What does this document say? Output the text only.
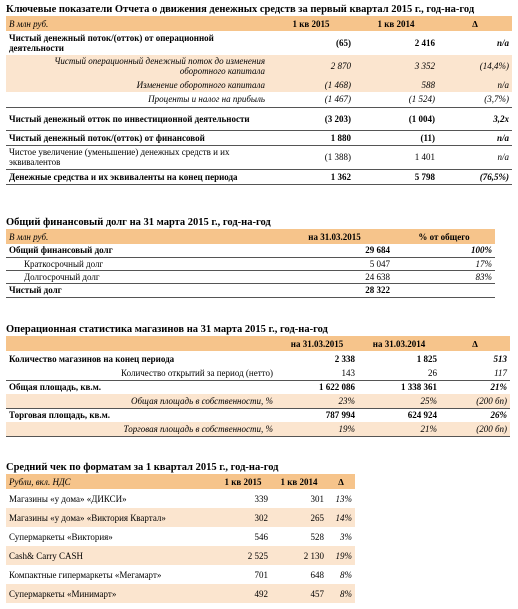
Ключевые показатели Отчета о движения денежных средств за первый квартал 2015 г., год-на-год
В млн руб.	1 кв 2015	1 кв 2014	∆
Чистый денежный поток/(отток) от операционной деятельности	(65)	2 416	n/a
Чистый операционный денежный поток до изменения оборотного капитала	2 870	3 352	(14,4%)
Изменение оборотного капитала	(1 468)	588	n/a
Проценты и налог на прибыль	(1 467)	(1 524)	(3,7%)
Чистый денежный отток по инвестиционной деятельности	(3 203)	(1 004)	3,2x
Чистый денежный поток/(отток) от финансовой	1 880	(11)	n/a
Чистое увеличение (уменьшение) денежных средств и их эквивалентов	(1 388)	1 401	n/a
Денежные средства и их эквиваленты на конец периода	1 362	5 798	(76,5%)
Общий финансовый долг на 31 марта 2015 г., год-на-год
В млн руб.	на 31.03.2015	% от общего
Общий финансовый долг	29 684	100%
Краткосрочный долг	5 047	17%
Долгосрочный долг	24 638	83%
Чистый долг	28 322	
Операционная статистика магазинов на 31 марта 2015 г., год-на-год
	на 31.03.2015	на 31.03.2014	∆
Количество магазинов на конец периода	2 338	1 825	513
Количество открытий за период (нетто)	143	26	117
Общая площадь, кв.м.	1 622 086	1 338 361	21%
Общая площадь в собственности, %	23%	25%	(200 бп)
Торговая площадь, кв.м.	787 994	624 924	26%
Торговая площадь в собственности, %	19%	21%	(200 бп)
Средний чек по форматам за 1 квартал 2015 г., год-на-год
Рубли, вкл. НДС	1 кв 2015	1 кв 2014	∆
Магазины «у дома» «ДИКСИ»	339	301	13%
Магазины «у дома» «Виктория Квартал»	302	265	14%
Супермаркеты «Виктория»	546	528	3%
Cash& Carry CASH	2 525	2 130	19%
Компактные гипермаркеты «Мегамарт»	701	648	8%
Супермаркеты «Минимарт»	492	457	8%
